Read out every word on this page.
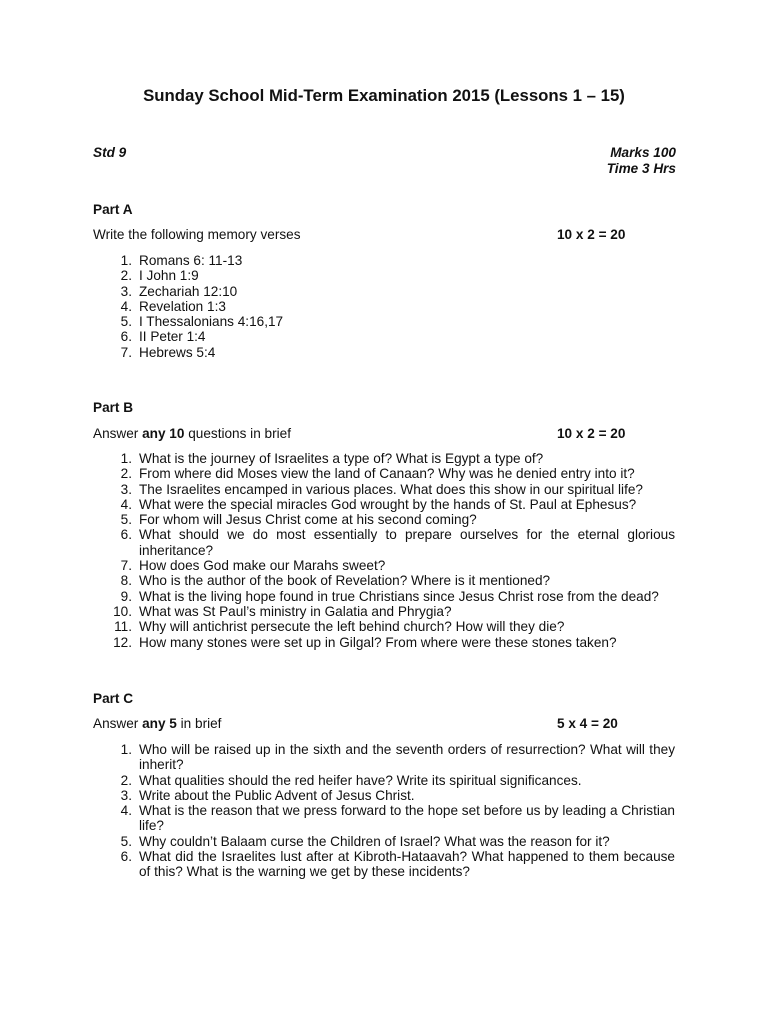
Sunday School Mid-Term Examination 2015 (Lessons 1 – 15)
Std 9	Marks 100
Time 3 Hrs
Part A
Write the following memory verses	10 x 2 = 20
1. Romans 6: 11-13
2. I John 1:9
3. Zechariah 12:10
4. Revelation 1:3
5. I Thessalonians 4:16,17
6. II Peter 1:4
7. Hebrews 5:4
Part B
Answer any 10 questions in brief	10 x 2 = 20
1. What is the journey of Israelites a type of? What is Egypt a type of?
2. From where did Moses view the land of Canaan? Why was he denied entry into it?
3. The Israelites encamped in various places. What does this show in our spiritual life?
4. What were the special miracles God wrought by the hands of St. Paul at Ephesus?
5. For whom will Jesus Christ come at his second coming?
6. What should we do most essentially to prepare ourselves for the eternal glorious inheritance?
7. How does God make our Marahs sweet?
8. Who is the author of the book of Revelation? Where is it mentioned?
9. What is the living hope found in true Christians since Jesus Christ rose from the dead?
10. What was St Paul’s ministry in Galatia and Phrygia?
11. Why will antichrist persecute the left behind church? How will they die?
12. How many stones were set up in Gilgal? From where were these stones taken?
Part C
Answer any 5 in brief	5 x 4 = 20
1. Who will be raised up in the sixth and the seventh orders of resurrection? What will they inherit?
2. What qualities should the red heifer have? Write its spiritual significances.
3. Write about the Public Advent of Jesus Christ.
4. What is the reason that we press forward to the hope set before us by leading a Christian life?
5. Why couldn’t Balaam curse the Children of Israel? What was the reason for it?
6. What did the Israelites lust after at Kibroth-Hataavah? What happened to them because of this? What is the warning we get by these incidents?
